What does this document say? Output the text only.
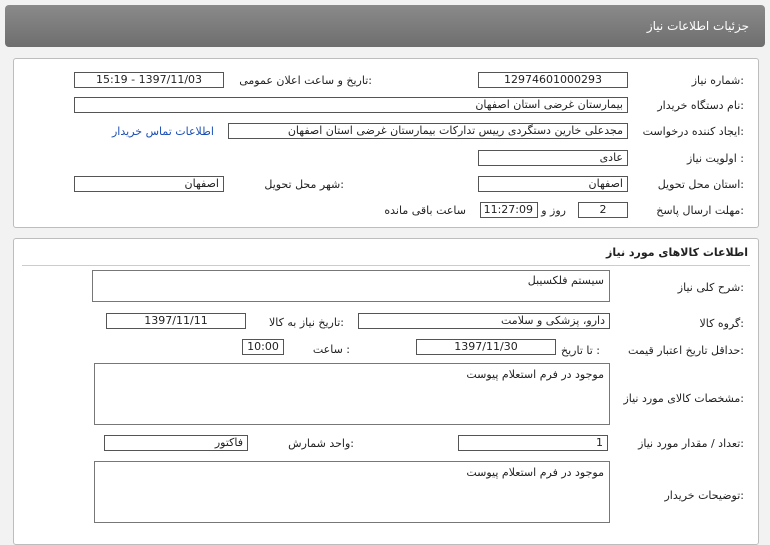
جزئیات اطلاعات نیاز
شماره نیاز:
12974601000293
تاریخ و ساعت اعلان عمومی:
1397/11/03 - 15:19
نام دستگاه خریدار:
بیمارستان غرضی استان اصفهان
ایجاد کننده درخواست:
مجدعلی خارین دستگردی رییس تدارکات بیمارستان غرضی استان اصفهان
اطلاعات تماس خریدار
اولویت نیاز :
عادی
استان محل تحویل:
اصفهان
شهر محل تحویل:
اصفهان
مهلت ارسال پاسخ:
2
روز و
11:27:09
ساعت باقی مانده
اطلاعات کالاهای مورد نیاز
شرح کلی نیاز:
سیستم فلکسیبل
گروه کالا:
دارو، پزشکی و سلامت
تاریخ نیاز به کالا:
1397/11/11
حداقل تاریخ اعتبار قیمت:
تا تاریخ :
1397/11/30
ساعت :
10:00
مشخصات کالای مورد نیاز:
موجود در فرم استعلام پیوست
تعداد / مقدار مورد نیاز:
1
واحد شمارش:
فاکتور
توضیحات خریدار:
موجود در فرم استعلام پیوست
